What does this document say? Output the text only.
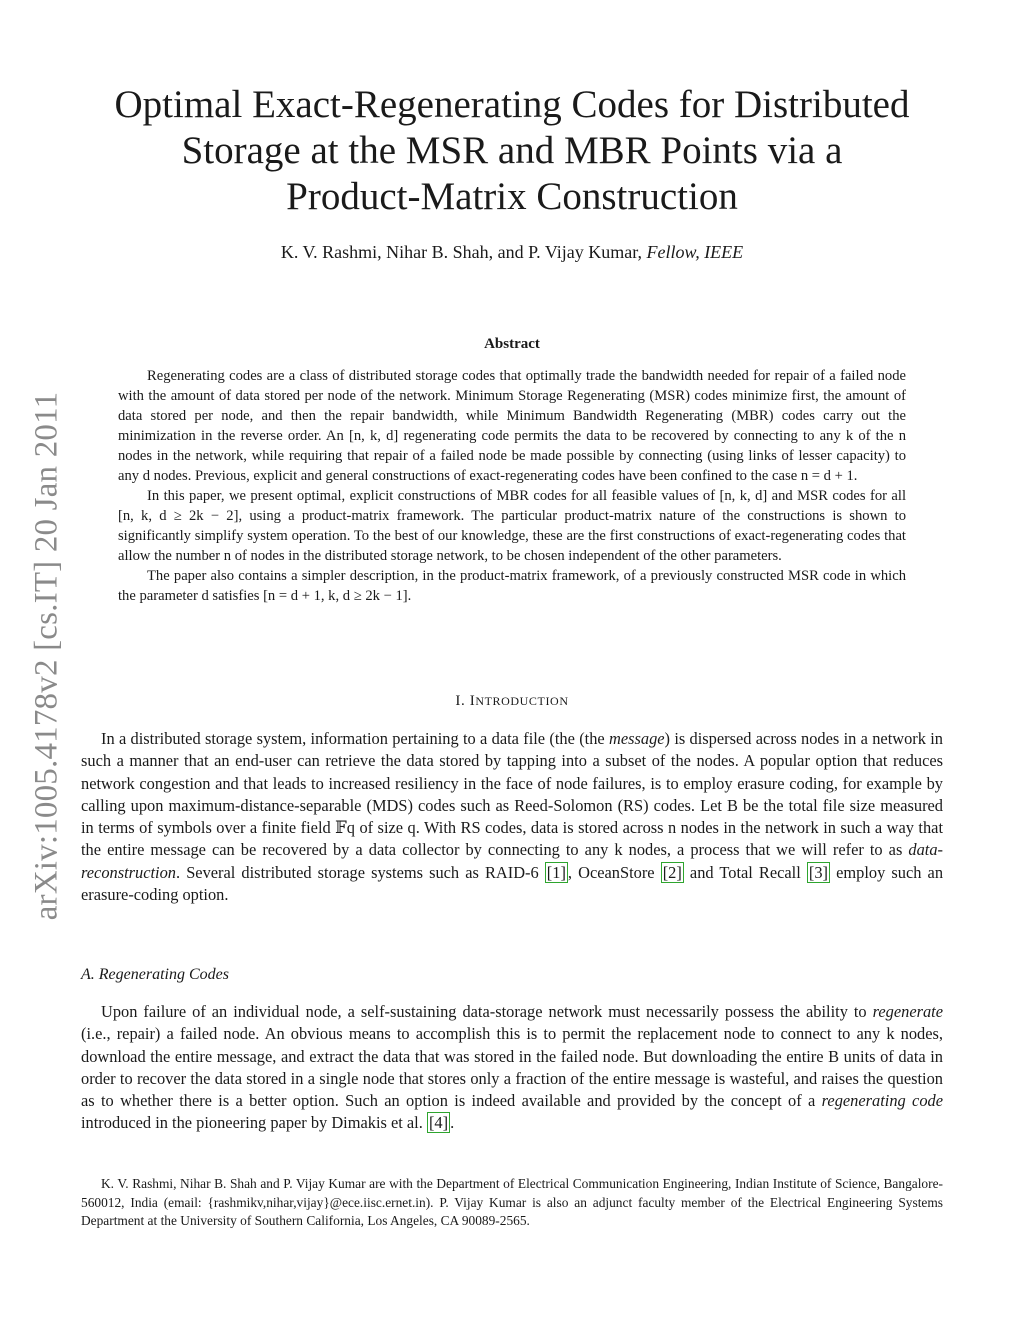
arXiv:1005.4178v2 [cs.IT] 20 Jan 2011
Optimal Exact-Regenerating Codes for Distributed
Storage at the MSR and MBR Points via a
Product-Matrix Construction
K. V. Rashmi, Nihar B. Shah, and P. Vijay Kumar, Fellow, IEEE
Abstract

Regenerating codes are a class of distributed storage codes that optimally trade the bandwidth needed for repair of a failed node with the amount of data stored per node of the network. Minimum Storage Regenerating (MSR) codes minimize first, the amount of data stored per node, and then the repair bandwidth, while Minimum Bandwidth Regenerating (MBR) codes carry out the minimization in the reverse order. An [n, k, d] regenerating code permits the data to be recovered by connecting to any k of the n nodes in the network, while requiring that repair of a failed node be made possible by connecting (using links of lesser capacity) to any d nodes. Previous, explicit and general constructions of exact-regenerating codes have been confined to the case n = d + 1.

In this paper, we present optimal, explicit constructions of MBR codes for all feasible values of [n, k, d] and MSR codes for all [n, k, d ≥ 2k − 2], using a product-matrix framework. The particular product-matrix nature of the constructions is shown to significantly simplify system operation. To the best of our knowledge, these are the first constructions of exact-regenerating codes that allow the number n of nodes in the distributed storage network, to be chosen independent of the other parameters.

The paper also contains a simpler description, in the product-matrix framework, of a previously constructed MSR code in which the parameter d satisfies [n = d + 1, k, d ≥ 2k − 1].

I. INTRODUCTION

In a distributed storage system, information pertaining to a data file (the (the message) is dispersed across nodes in a network in such a manner that an end-user can retrieve the data stored by tapping into a subset of the nodes. A popular option that reduces network congestion and that leads to increased resiliency in the face of node failures, is to employ erasure coding, for example by calling upon maximum-distance-separable (MDS) codes such as Reed-Solomon (RS) codes. Let B be the total file size measured in terms of symbols over a finite field 𝔽q of size q. With RS codes, data is stored across n nodes in the network in such a way that the entire message can be recovered by a data collector by connecting to any k nodes, a process that we will refer to as data-reconstruction. Several distributed storage systems such as RAID-6 [1] , OceanStore [2] and Total Recall [3] employ such an erasure-coding option.

A. Regenerating Codes

Upon failure of an individual node, a self-sustaining data-storage network must necessarily possess the ability to regenerate (i.e., repair) a failed node. An obvious means to accomplish this is to permit the replacement node to connect to any k nodes, download the entire message, and extract the data that was stored in the failed node. But downloading the entire B units of data in order to recover the data stored in a single node that stores only a fraction of the entire message is wasteful, and raises the question as to whether there is a better option. Such an option is indeed available and provided by the concept of a regenerating code introduced in the pioneering paper by Dimakis et al. [4] .

K. V. Rashmi, Nihar B. Shah and P. Vijay Kumar are with the Department of Electrical Communication Engineering, Indian Institute of Science, Bangalore-560012, India (email: {rashmikv,nihar,vijay}@ece.iisc.ernet.in). P. Vijay Kumar is also an adjunct faculty member of the Electrical Engineering Systems Department at the University of Southern California, Los Angeles, CA 90089-2565.
